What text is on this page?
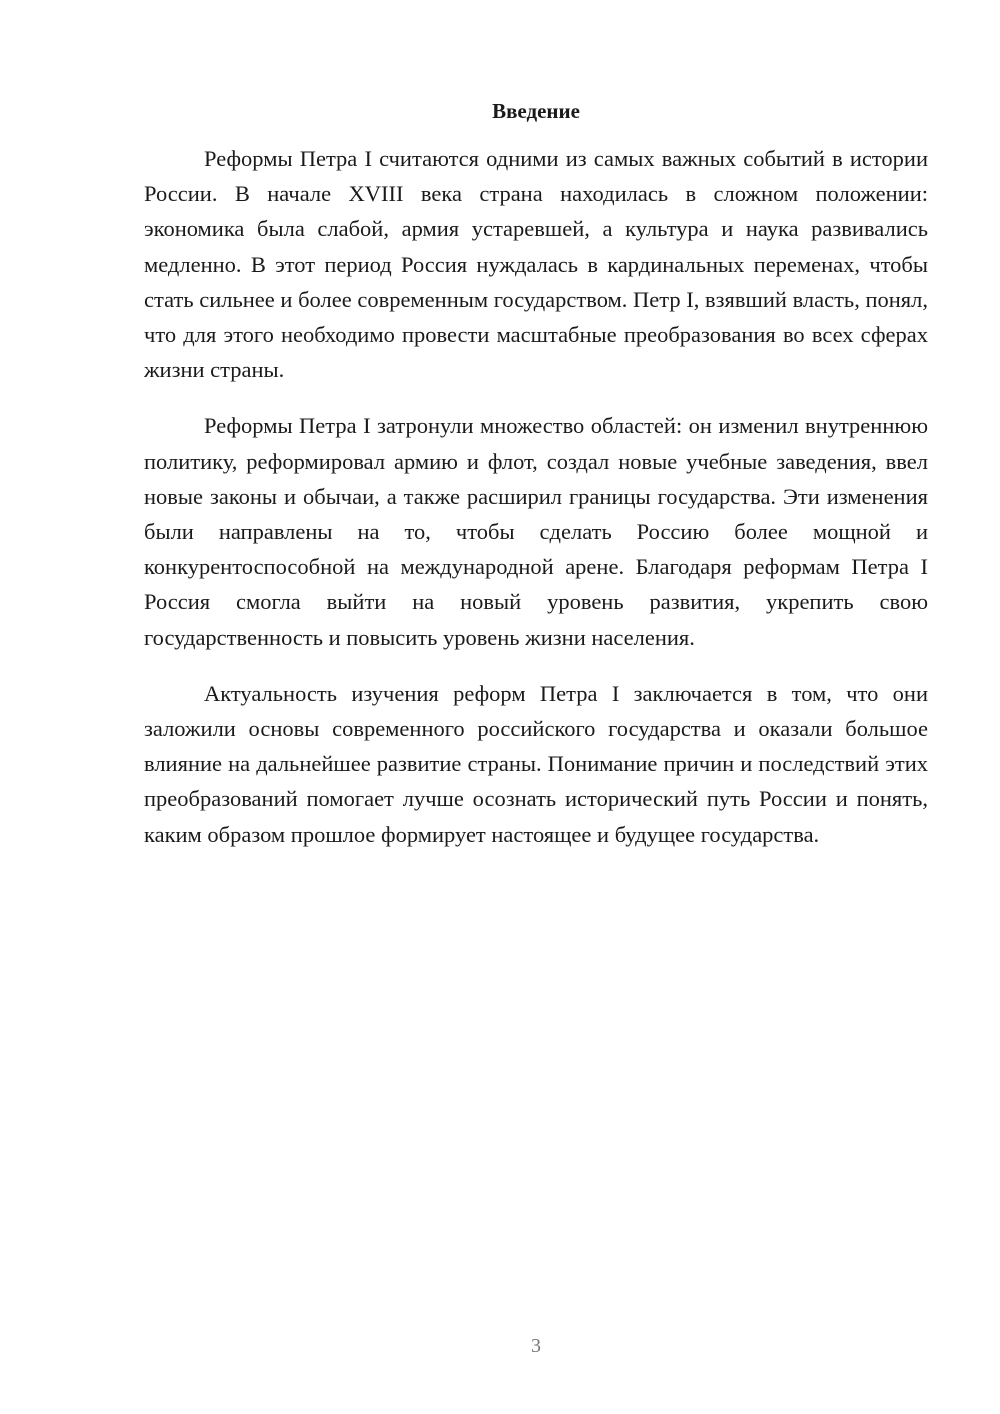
Введение

Реформы Петра I считаются одними из самых важных событий в истории России. В начале XVIII века страна находилась в сложном положении: экономика была слабой, армия устаревшей, а культура и наука развивались медленно. В этот период Россия нуждалась в кардинальных переменах, чтобы стать сильнее и более современным государством. Петр I, взявший власть, понял, что для этого необходимо провести масштабные преобразования во всех сферах жизни страны.

Реформы Петра I затронули множество областей: он изменил внутреннюю политику, реформировал армию и флот, создал новые учебные заведения, ввел новые законы и обычаи, а также расширил границы государства. Эти изменения были направлены на то, чтобы сделать Россию более мощной и конкурентоспособной на международной арене. Благодаря реформам Петра I Россия смогла выйти на новый уровень развития, укрепить свою государственность и повысить уровень жизни населения.

Актуальность изучения реформ Петра I заключается в том, что они заложили основы современного российского государства и оказали большое влияние на дальнейшее развитие страны. Понимание причин и последствий этих преобразований помогает лучше осознать исторический путь России и понять, каким образом прошлое формирует настоящее и будущее государства.

3
